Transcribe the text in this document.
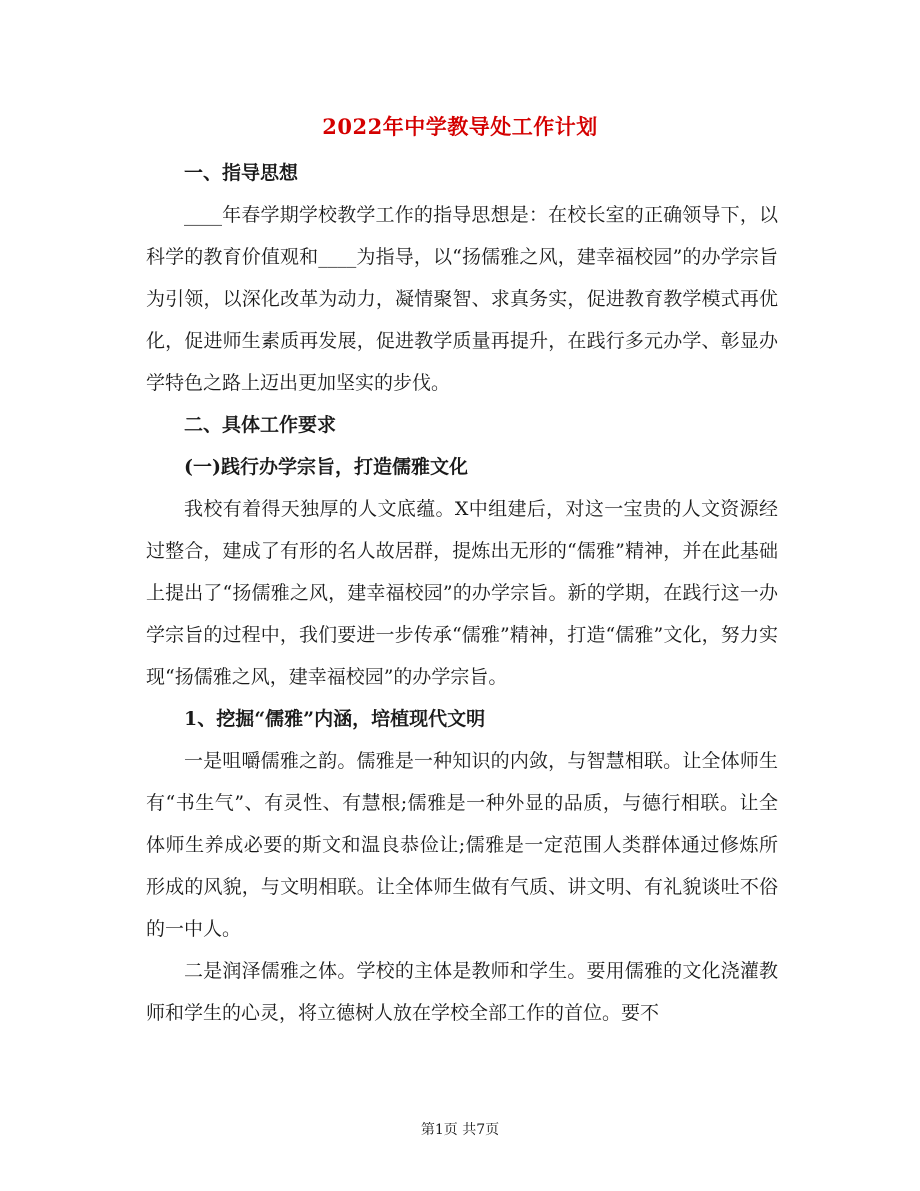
2022年中学教导处工作计划
一、指导思想
____年春学期学校教学工作的指导思想是：在校长室的正确领导下，以科学的教育价值观和____为指导，以“扬儒雅之风，建幸福校园”的办学宗旨为引领，以深化改革为动力，凝情聚智、求真务实，促进教育教学模式再优化，促进师生素质再发展，促进教学质量再提升，在践行多元办学、彰显办学特色之路上迈出更加坚实的步伐。
二、具体工作要求
(一)践行办学宗旨，打造儒雅文化
我校有着得天独厚的人文底蕴。X中组建后，对这一宝贵的人文资源经过整合，建成了有形的名人故居群，提炼出无形的“儒雅”精神，并在此基础上提出了“扬儒雅之风，建幸福校园”的办学宗旨。新的学期，在践行这一办学宗旨的过程中，我们要进一步传承“儒雅”精神，打造“儒雅”文化，努力实现“扬儒雅之风，建幸福校园”的办学宗旨。
1、挖掘“儒雅”内涵，培植现代文明
一是咀嚼儒雅之韵。儒雅是一种知识的内敛，与智慧相联。让全体师生有“书生气”、有灵性、有慧根;儒雅是一种外显的品质，与德行相联。让全体师生养成必要的斯文和温良恭俭让;儒雅是一定范围人类群体通过修炼所形成的风貌，与文明相联。让全体师生做有气质、讲文明、有礼貌谈吐不俗的一中人。
二是润泽儒雅之体。学校的主体是教师和学生。要用儒雅的文化浇灌教师和学生的心灵，将立德树人放在学校全部工作的首位。要不
第1页 共7页
